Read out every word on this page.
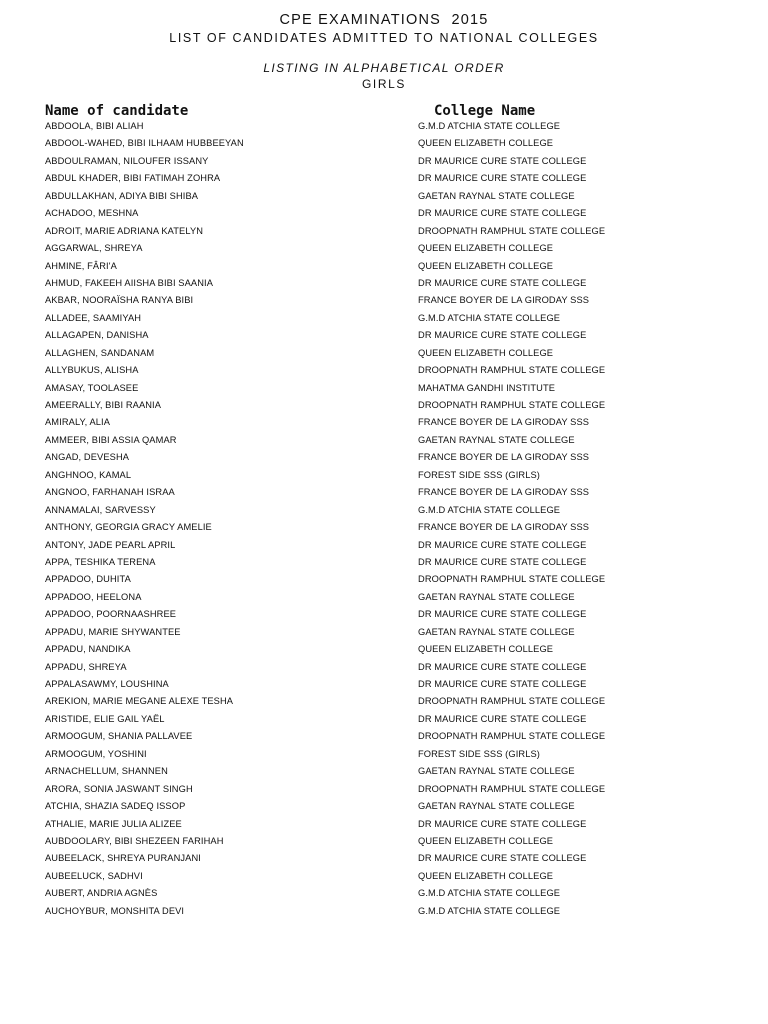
CPE EXAMINATIONS  2015
LIST OF CANDIDATES ADMITTED TO NATIONAL COLLEGES
LISTING IN ALPHABETICAL ORDER
GIRLS
Name of candidate	College Name
ABDOOLA, BIBI ALIAH	G.M.D ATCHIA STATE COLLEGE
ABDOOL-WAHED, BIBI ILHAAM HUBBEEYAN	QUEEN ELIZABETH COLLEGE
ABDOULRAMAN, NILOUFER ISSANY	DR MAURICE CURE STATE COLLEGE
ABDUL KHADER, BIBI FATIMAH ZOHRA	DR MAURICE CURE STATE COLLEGE
ABDULLAKHAN, ADIYA BIBI SHIBA	GAETAN RAYNAL STATE COLLEGE
ACHADOO, MESHNA	DR MAURICE CURE STATE COLLEGE
ADROIT, MARIE ADRIANA KATELYN	DROOPNATH RAMPHUL STATE COLLEGE
AGGARWAL, SHREYA	QUEEN ELIZABETH COLLEGE
AHMINE, FÂRI'A	QUEEN ELIZABETH COLLEGE
AHMUD, FAKEEH AIISHA BIBI SAANIA	DR MAURICE CURE STATE COLLEGE
AKBAR, NOORAÏSHA RANYA BIBI	FRANCE BOYER DE LA GIRODAY SSS
ALLADEE, SAAMIYAH	G.M.D ATCHIA STATE COLLEGE
ALLAGAPEN, DANISHA	DR MAURICE CURE STATE COLLEGE
ALLAGHEN, SANDANAM	QUEEN ELIZABETH COLLEGE
ALLYBUKUS, ALISHA	DROOPNATH RAMPHUL STATE COLLEGE
AMASAY, TOOLASEE	MAHATMA GANDHI INSTITUTE
AMEERALLY, BIBI RAANIA	DROOPNATH RAMPHUL STATE COLLEGE
AMIRALY, ALIA	FRANCE BOYER DE LA GIRODAY SSS
AMMEER, BIBI ASSIA QAMAR	GAETAN RAYNAL STATE COLLEGE
ANGAD, DEVESHA	FRANCE BOYER DE LA GIRODAY SSS
ANGHNOO, KAMAL	FOREST SIDE SSS (GIRLS)
ANGNOO, FARHANAH ISRAA	FRANCE BOYER DE LA GIRODAY SSS
ANNAMALAI, SARVESSY	G.M.D ATCHIA STATE COLLEGE
ANTHONY, GEORGIA GRACY AMELIE	FRANCE BOYER DE LA GIRODAY SSS
ANTONY, JADE PEARL APRIL	DR MAURICE CURE STATE COLLEGE
APPA, TESHIKA TERENA	DR MAURICE CURE STATE COLLEGE
APPADOO, DUHITA	DROOPNATH RAMPHUL STATE COLLEGE
APPADOO, HEELONA	GAETAN RAYNAL STATE COLLEGE
APPADOO, POORNAASHREE	DR MAURICE CURE STATE COLLEGE
APPADU, MARIE SHYWANTEE	GAETAN RAYNAL STATE COLLEGE
APPADU, NANDIKA	QUEEN ELIZABETH COLLEGE
APPADU, SHREYA	DR MAURICE CURE STATE COLLEGE
APPALASAWMY, LOUSHINA	DR MAURICE CURE STATE COLLEGE
AREKION, MARIE MEGANE ALEXE TESHA	DROOPNATH RAMPHUL STATE COLLEGE
ARISTIDE, ELIE GAIL YAËL	DR MAURICE CURE STATE COLLEGE
ARMOOGUM, SHANIA PALLAVEE	DROOPNATH RAMPHUL STATE COLLEGE
ARMOOGUM, YOSHINI	FOREST SIDE SSS (GIRLS)
ARNACHELLUM, SHANNEN	GAETAN RAYNAL STATE COLLEGE
ARORA, SONIA JASWANT SINGH	DROOPNATH RAMPHUL STATE COLLEGE
ATCHIA, SHAZIA SADEQ ISSOP	GAETAN RAYNAL STATE COLLEGE
ATHALIE, MARIE JULIA ALIZEE	DR MAURICE CURE STATE COLLEGE
AUBDOOLARY, BIBI SHEZEEN FARIHAH	QUEEN ELIZABETH COLLEGE
AUBEELACK, SHREYA PURANJANI	DR MAURICE CURE STATE COLLEGE
AUBEELUCK, SADHVI	QUEEN ELIZABETH COLLEGE
AUBERT, ANDRIA AGNÈS	G.M.D ATCHIA STATE COLLEGE
AUCHOYBUR, MONSHITA DEVI	G.M.D ATCHIA STATE COLLEGE
